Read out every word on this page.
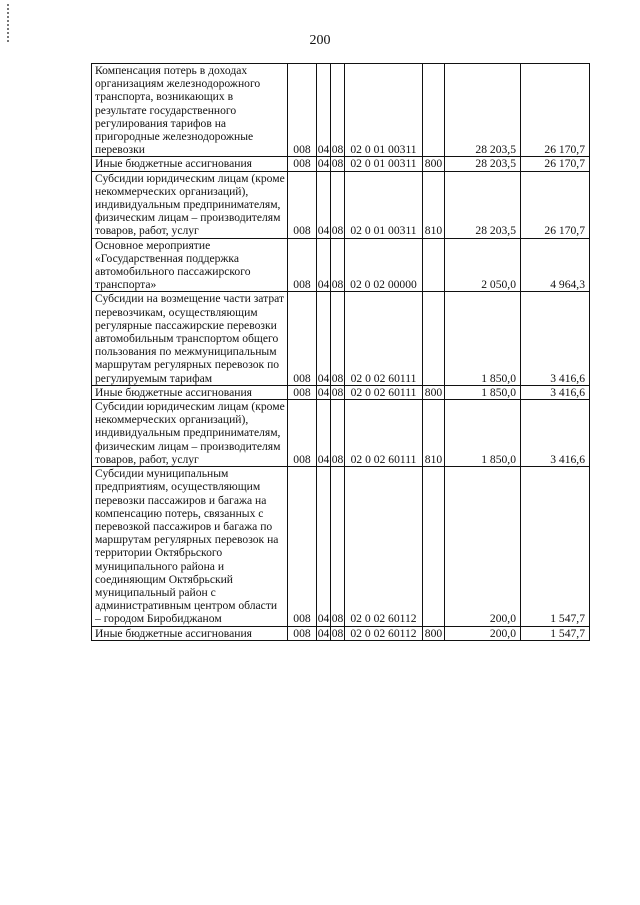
200
Компенсация потерь в доходах организациям железнодорожного транспорта, возникающих в результате государственного регулирования тарифов на пригородные железнодорожные перевозки	008	04	08	02 0 01 00311		28 203,5	26 170,7
Иные бюджетные ассигнования	008	04	08	02 0 01 00311	800	28 203,5	26 170,7
Субсидии юридическим лицам (кроме некоммерческих организаций), индивидуальным предпринимателям, физическим лицам – производителям товаров, работ, услуг	008	04	08	02 0 01 00311	810	28 203,5	26 170,7
Основное мероприятие «Государственная поддержка автомобильного пассажирского транспорта»	008	04	08	02 0 02 00000		2 050,0	4 964,3
Субсидии на возмещение части затрат перевозчикам, осуществляющим регулярные пассажирские перевозки автомобильным транспортом общего пользования по межмуниципальным маршрутам регулярных перевозок по регулируемым тарифам	008	04	08	02 0 02 60111		1 850,0	3 416,6
Иные бюджетные ассигнования	008	04	08	02 0 02 60111	800	1 850,0	3 416,6
Субсидии юридическим лицам (кроме некоммерческих организаций), индивидуальным предпринимателям, физическим лицам – производителям товаров, работ, услуг	008	04	08	02 0 02 60111	810	1 850,0	3 416,6
Субсидии муниципальным предприятиям, осуществляющим перевозки пассажиров и багажа на компенсацию потерь, связанных с перевозкой пассажиров и багажа по маршрутам регулярных перевозок на территории Октябрьского муниципального района и соединяющим Октябрьский муниципальный район с административным центром области – городом Биробиджаном	008	04	08	02 0 02 60112		200,0	1 547,7
Иные бюджетные ассигнования	008	04	08	02 0 02 60112	800	200,0	1 547,7
